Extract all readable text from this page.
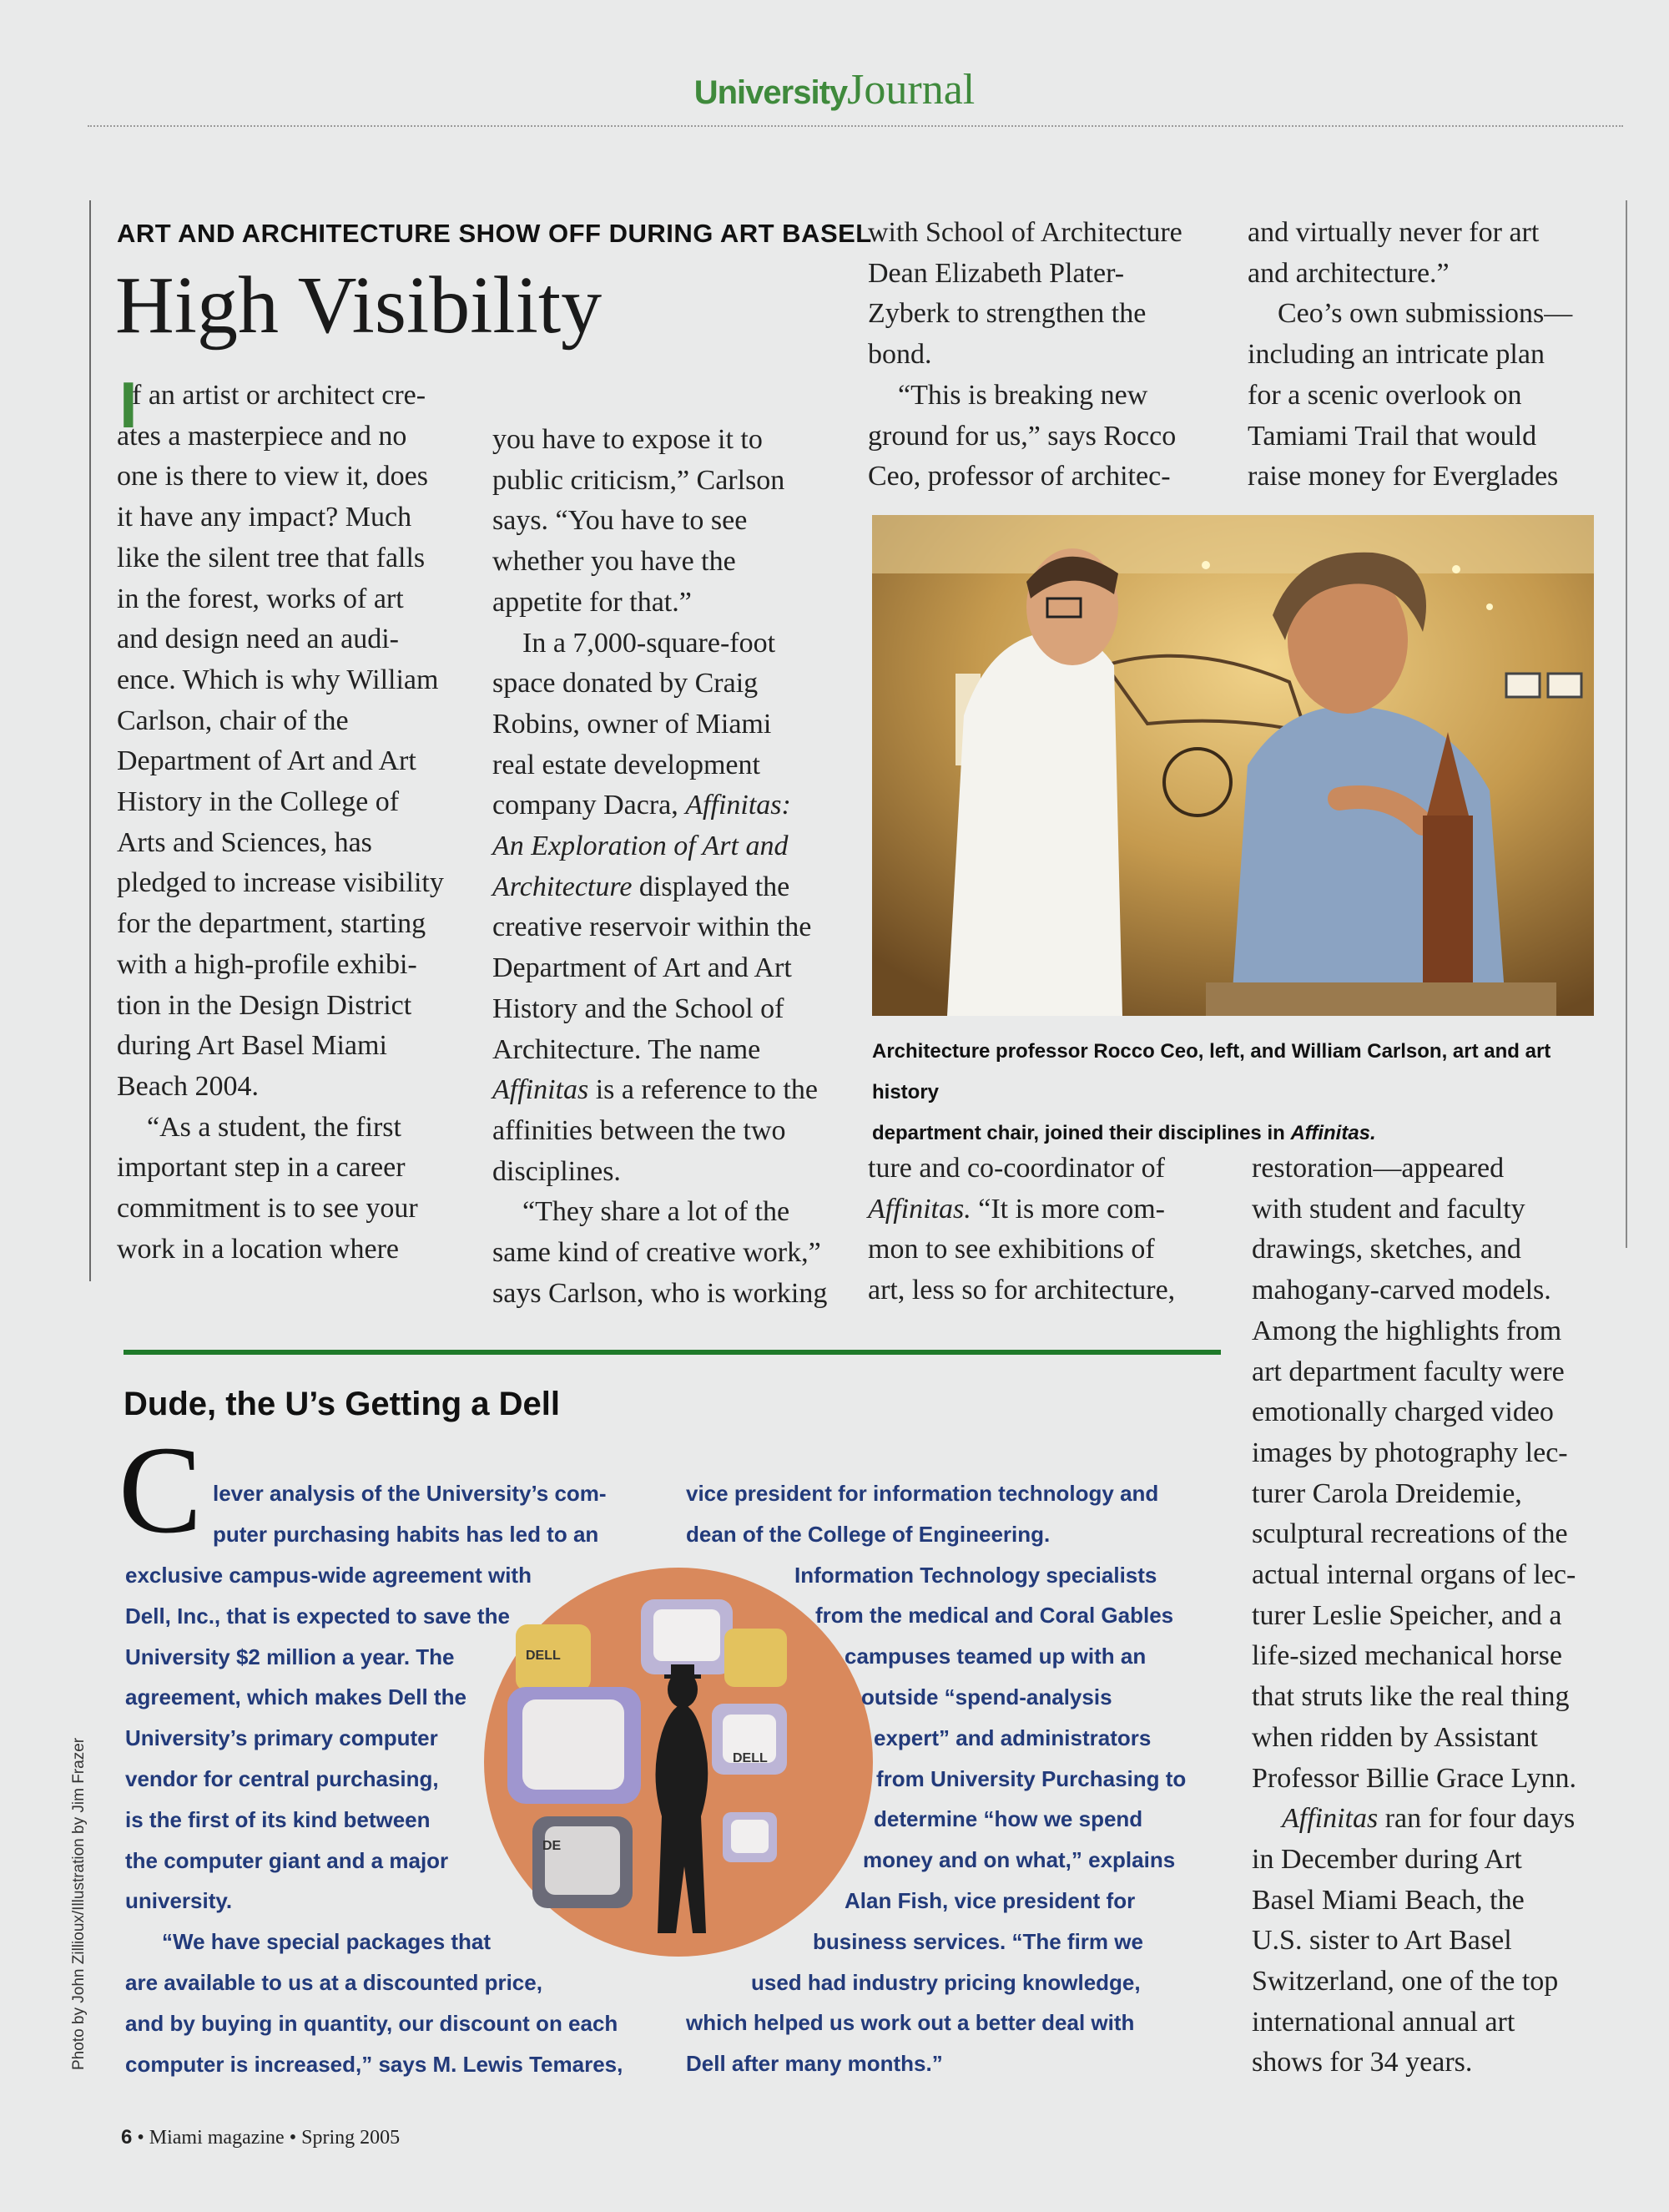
UniversityJournal
ART AND ARCHITECTURE SHOW OFF DURING ART BASEL
High Visibility
I

f an artist or architect cre-

ates a masterpiece and no

one is there to view it, does

it have any impact? Much

like the silent tree that falls

in the forest, works of art

and design need an audi-

ence. Which is why William

Carlson, chair of the

Department of Art and Art

History in the College of

Arts and Sciences, has

pledged to increase visibility

for the department, starting

with a high-profile exhibi-

tion in the Design District

during Art Basel Miami

Beach 2004.

“As a student, the first

important step in a career

commitment is to see your

work in a location where

you have to expose it to

public criticism,” Carlson

says. “You have to see

whether you have the

appetite for that.”

In a 7,000-square-foot

space donated by Craig

Robins, owner of Miami

real estate development

company Dacra, Affinitas:

An Exploration of Art and

Architecture displayed the

creative reservoir within the

Department of Art and Art

History and the School of

Architecture. The name

Affinitas is a reference to the

affinities between the two

disciplines.

“They share a lot of the

same kind of creative work,”

says Carlson, who is working

with School of Architecture

Dean Elizabeth Plater-

Zyberk to strengthen the

bond.

“This is breaking new

ground for us,” says Rocco

Ceo, professor of architec-

and virtually never for art

and architecture.”

Ceo’s own submissions—

including an intricate plan

for a scenic overlook on

Tamiami Trail that would

raise money for Everglades

Architecture professor Rocco Ceo, left, and William Carlson, art and art history
department chair, joined their disciplines in Affinitas.

ture and co-coordinator of

Affinitas. “It is more com-

mon to see exhibitions of

art, less so for architecture,

restoration—appeared

with student and faculty

drawings, sketches, and

mahogany-carved models.

Among the highlights from

art department faculty were

emotionally charged video

images by photography lec-

turer Carola Dreidemie,

sculptural recreations of the

actual internal organs of lec-

turer Leslie Speicher, and a

life-sized mechanical horse

that struts like the real thing

when ridden by Assistant

Professor Billie Grace Lynn.

Affinitas ran for four days

in December during Art

Basel Miami Beach, the

U.S. sister to Art Basel

Switzerland, one of the top

international annual art

shows for 34 years.

Dude, the U’s Getting a Dell
C
DELL
DELL
DE
lever analysis of the University’s com-
puter purchasing habits has led to an
exclusive campus-wide agreement with
Dell, Inc., that is expected to save the
University $2 million a year. The
agreement, which makes Dell the
University’s primary computer
vendor for central purchasing,
is the first of its kind between
the computer giant and a major
university.
“We have special packages that
are available to us at a discounted price,
and by buying in quantity, our discount on each
computer is increased,” says M. Lewis Temares,
vice president for information technology and
dean of the College of Engineering.
Information Technology specialists
from the medical and Coral Gables
campuses teamed up with an
outside “spend-analysis
expert” and administrators
from University Purchasing to
determine “how we spend
money and on what,” explains
Alan Fish, vice president for
business services. “The firm we
used had industry pricing knowledge,
which helped us work out a better deal with
Dell after many months.”
6 • Miami magazine • Spring 2005
Photo by John Zillioux/Illustration by Jim Frazer
